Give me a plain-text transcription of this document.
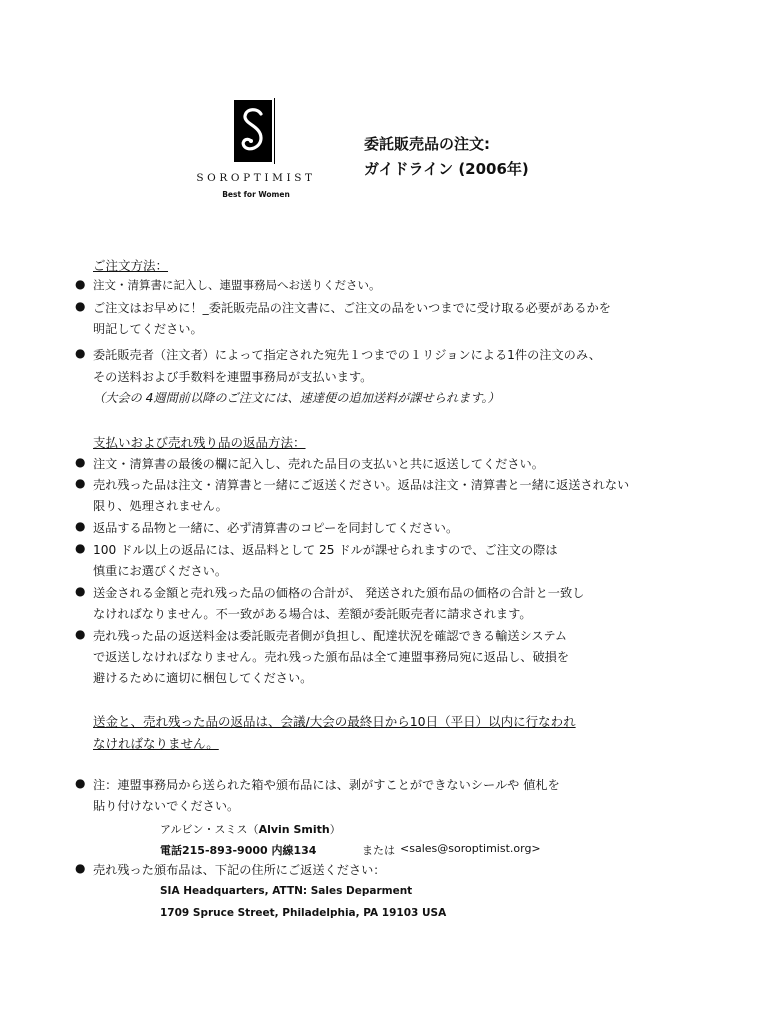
SOROPTIMIST
Best for Women
委託販売品の注文:
ガイドライン (2006年)
ご注文方法：
● 注文・清算書に記入し、連盟事務局へお送りください。
● ご注文はお早めに！_委託販売品の注文書に、ご注文の品をいつまでに受け取る必要があるかを
明記してください。
● 委託販売者（注文者）によって指定された宛先１つまでの１リジョンによる1件の注文のみ、
その送料および手数料を連盟事務局が支払います。
（大会の 4週間前以降のご注文には、速達便の追加送料が課せられます。）
支払いおよび売れ残り品の返品方法：
● 注文・清算書の最後の欄に記入し、売れた品目の支払いと共に返送してください。
● 売れ残った品は注文・清算書と一緒にご返送ください。返品は注文・清算書と一緒に返送されない
限り、処理されません。
● 返品する品物と一緒に、必ず清算書のコピーを同封してください。
● 100 ドル以上の返品には、返品料として 25 ドルが課せられますので、ご注文の際は
慎重にお選びください。
● 送金される金額と売れ残った品の価格の合計が、 発送された頒布品の価格の合計と一致し
なければなりません。不一致がある場合は、差額が委託販売者に請求されます。
● 売れ残った品の返送料金は委託販売者側が負担し、配達状況を確認できる輸送システム
で返送しなければなりません。売れ残った頒布品は全て連盟事務局宛に返品し、破損を
避けるために適切に梱包してください。
送金と、売れ残った品の返品は、会議/大会の最終日から10日（平日）以内に行なわれ
なければなりません。
● 注：連盟事務局から送られた箱や頒布品には、剥がすことができないシールや 値札を
貼り付けないでください。
アルビン・スミス（Alvin Smith）
電話215-893-9000 内線134	または <sales@soroptimist.org>
● 売れ残った頒布品は、下記の住所にご返送ください：
SIA Headquarters, ATTN: Sales Deparment
1709 Spruce Street, Philadelphia, PA 19103 USA
